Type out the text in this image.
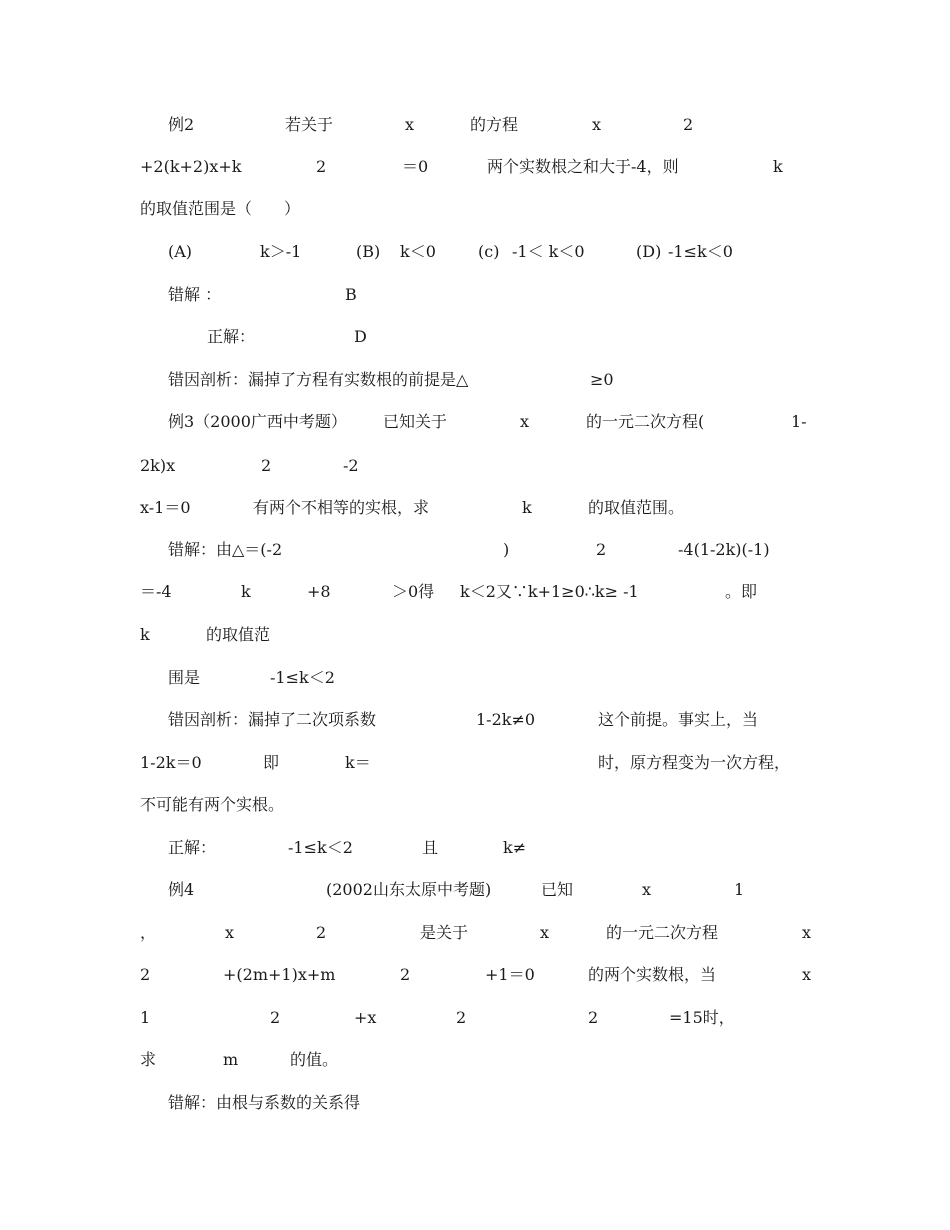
例2	若关于	x	的方程	x	2
+2(k+2)x+k	2	＝0	两个实数根之和大于-4，则	k
的取值范围是（　　）
(A)	k＞-1	(B) k＜0	(c) -1＜ k＜0	(D) -1≤k＜0
错解 ：	B
正解：	D
错因剖析：漏掉了方程有实数根的前提是△	≥0
例3（2000广西中考题） 已知关于	x	的一元二次方程(	1-
2k)x	2	-2
x-1＝0	有两个不相等的实根，求	k	的取值范围。
错解：由△＝(-2	)	2	-4(1-2k)(-1)
＝-4	k	+8	＞0得 k＜2又∵k+1≥0∴k≥ -1	。即
k	的取值范
围是	-1≤k＜2
错因剖析：漏掉了二次项系数	1-2k≠0	这个前提。事实上，当
1-2k＝0	即	k＝	时，原方程变为一次方程，
不可能有两个实根。
正解：	-1≤k＜2	且	k≠
例4	(2002山东太原中考题)	已知	x	1
，	x	2	是关于	x	的一元二次方程	x
2	+(2m+1)x+m	2	+1＝0	的两个实数根，当	x
1	2	+x	2	2	=15时，
求	m	的值。
错解：由根与系数的关系得
